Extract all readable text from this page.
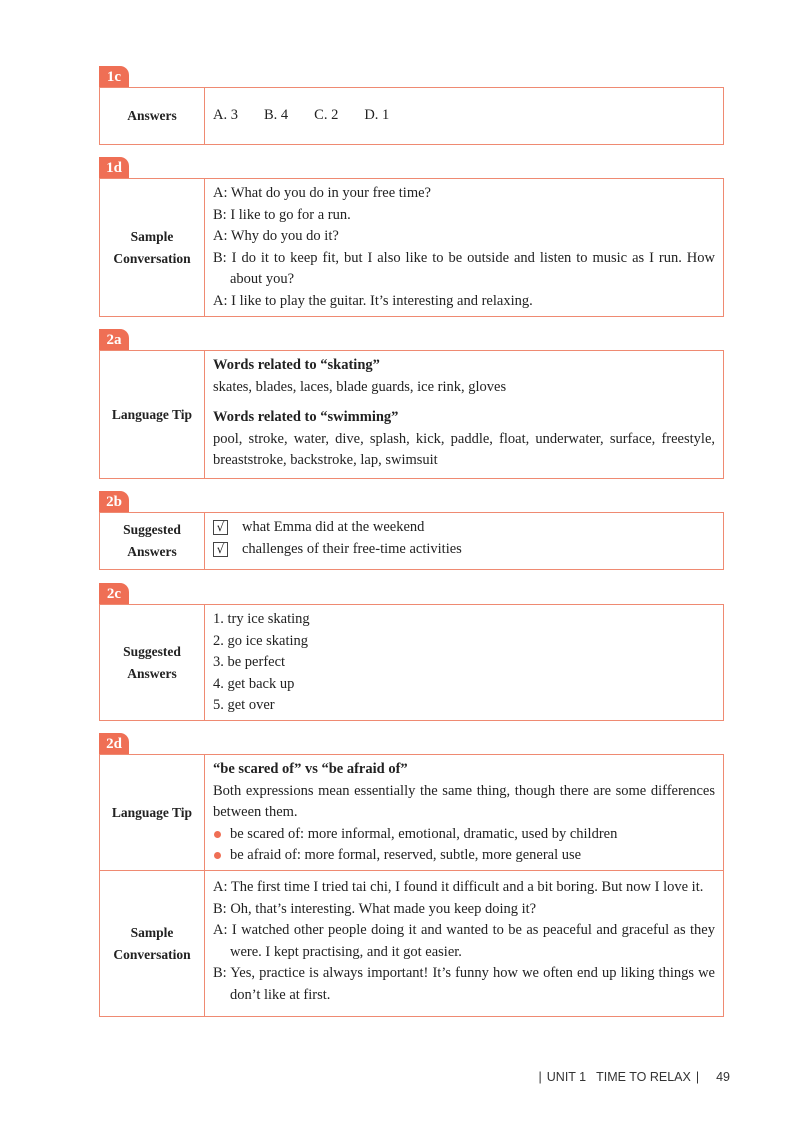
1c
Answers	A. 3 B. 4 C. 2 D. 1
1d
Sample
Conversation
A: What do you do in your free time?
B: I like to go for a run.
A: Why do you do it?
B: I do it to keep fit, but I also like to be outside and listen to music as I run. How about you?
A: I like to play the guitar. It’s interesting and relaxing.
2a
Language Tip
Words related to “skating”
skates, blades, laces, blade guards, ice rink, gloves
Words related to “swimming”
pool, stroke, water, dive, splash, kick, paddle, float, underwater, surface, freestyle, breaststroke, backstroke, lap, swimsuit
2b
Suggested
Answers
√ what Emma did at the weekend
√ challenges of their free-time activities
2c
Suggested
Answers
1. try ice skating
2. go ice skating
3. be perfect
4. get back up
5. get over
2d
Language Tip
“be scared of” vs “be afraid of”
Both expressions mean essentially the same thing, though there are some differences between them.
be scared of: more informal, emotional, dramatic, used by children
be afraid of: more formal, reserved, subtle, more general use
Sample
Conversation
A: The first time I tried tai chi, I found it difficult and a bit boring. But now I love it.
B: Oh, that’s interesting. What made you keep doing it?
A: I watched other people doing it and wanted to be as peaceful and graceful as they were. I kept practising, and it got easier.
B: Yes, practice is always important! It’s funny how we often end up liking things we don’t like at first.
| UNIT 1 TIME TO RELAX | 49
